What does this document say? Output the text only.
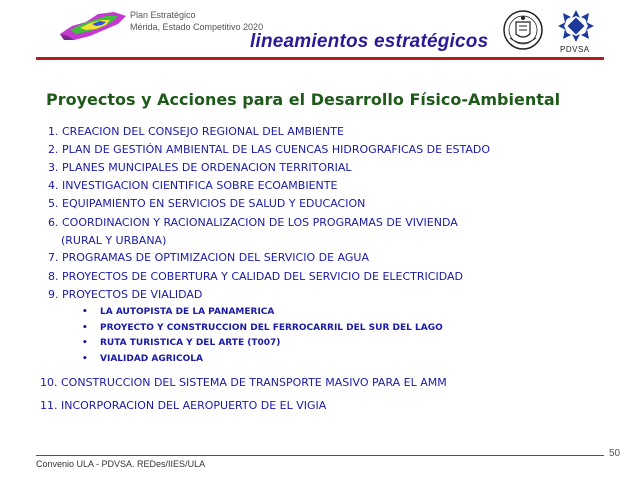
Plan Estratégico
Mérida, Estado Competitivo 2020
lineamientos estratégicos	PDVSA
Proyectos y Acciones para el Desarrollo Físico-Ambiental
1. CREACION DEL CONSEJO REGIONAL DEL AMBIENTE
2. PLAN DE GESTIÓN AMBIENTAL DE LAS CUENCAS HIDROGRAFICAS DE ESTADO
3. PLANES MUNCIPALES DE ORDENACION TERRITORIAL
4. INVESTIGACION CIENTIFICA SOBRE ECOAMBIENTE
5. EQUIPAMIENTO EN SERVICIOS DE SALUD Y EDUCACION
6. COORDINACION Y RACIONALIZACION DE LOS PROGRAMAS DE VIVIENDA
(RURAL Y URBANA)
7. PROGRAMAS DE OPTIMIZACION DEL SERVICIO DE AGUA
8. PROYECTOS DE COBERTURA Y CALIDAD DEL SERVICIO DE ELECTRICIDAD
9. PROYECTOS DE VIALIDAD
• LA AUTOPISTA DE LA PANAMERICA
• PROYECTO Y CONSTRUCCION DEL FERROCARRIL DEL SUR DEL LAGO
• RUTA TURISTICA Y DEL ARTE (T007)
• VIALIDAD AGRICOLA
10. CONSTRUCCION DEL SISTEMA DE TRANSPORTE MASIVO PARA EL AMM
11. INCORPORACION DEL AEROPUERTO DE EL VIGIA
Convenio ULA - PDVSA. REDes/IIES/ULA
50
